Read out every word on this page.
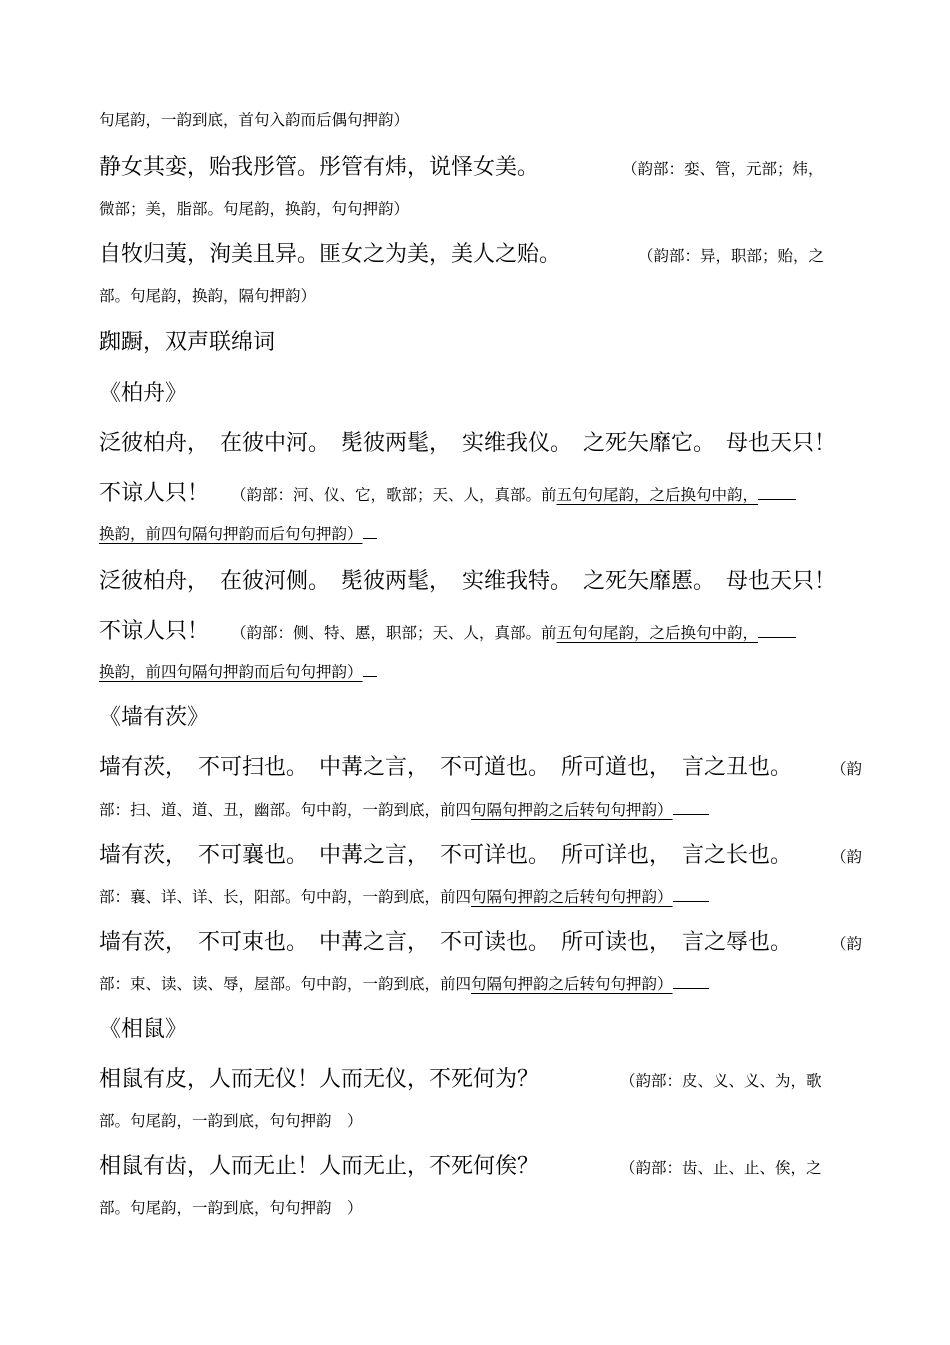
句尾韵，一韵到底，首句入韵而后偶句押韵）
静女其娈，贻我彤管。彤管有炜，说怿女美。	（韵部：娈、管，元部；炜，
微部；美，脂部。句尾韵，换韵，句句押韵）
自牧归荑，洵美且异。匪女之为美，美人之贻。	（韵部：异，职部；贻，之
部。句尾韵，换韵，隔句押韵）
踟蹰，双声联绵词
《柏舟》
泛彼柏舟，　在彼中河。　髧彼两髦，　实维我仪。　之死矢靡它。　母也天只！
不谅人只！ （韵部：河、仪、它，歌部；天、人，真部。前五句句尾韵，之后换句中韵，
换韵，前四句隔句押韵而后句句押韵）
泛彼柏舟，　在彼河侧。　髧彼两髦，　实维我特。　之死矢靡慝。　母也天只！
不谅人只！ （韵部：侧、特、慝，职部；天、人，真部。前五句句尾韵，之后换句中韵，
换韵，前四句隔句押韵而后句句押韵）
《墙有茨》
墙有茨，　不可扫也。　中冓之言，　不可道也。　所可道也，　言之丑也。	（韵
部：扫、道、道、丑，幽部。句中韵，一韵到底，前四句隔句押韵之后转句句押韵）
墙有茨，　不可襄也。　中冓之言，　不可详也。　所可详也，　言之长也。	（韵
部：襄、详、详、长，阳部。句中韵，一韵到底，前四句隔句押韵之后转句句押韵）
墙有茨，　不可束也。　中冓之言，　不可读也。　所可读也，　言之辱也。	（韵
部：束、读、读、辱，屋部。句中韵，一韵到底，前四句隔句押韵之后转句句押韵）
《相鼠》
相鼠有皮，人而无仪！人而无仪，不死何为？	（韵部：皮、义、义、为，歌
部。句尾韵，一韵到底，句句押韵　）
相鼠有齿，人而无止！人而无止，不死何俟？	（韵部：齿、止、止、俟，之
部。句尾韵，一韵到底，句句押韵　）
